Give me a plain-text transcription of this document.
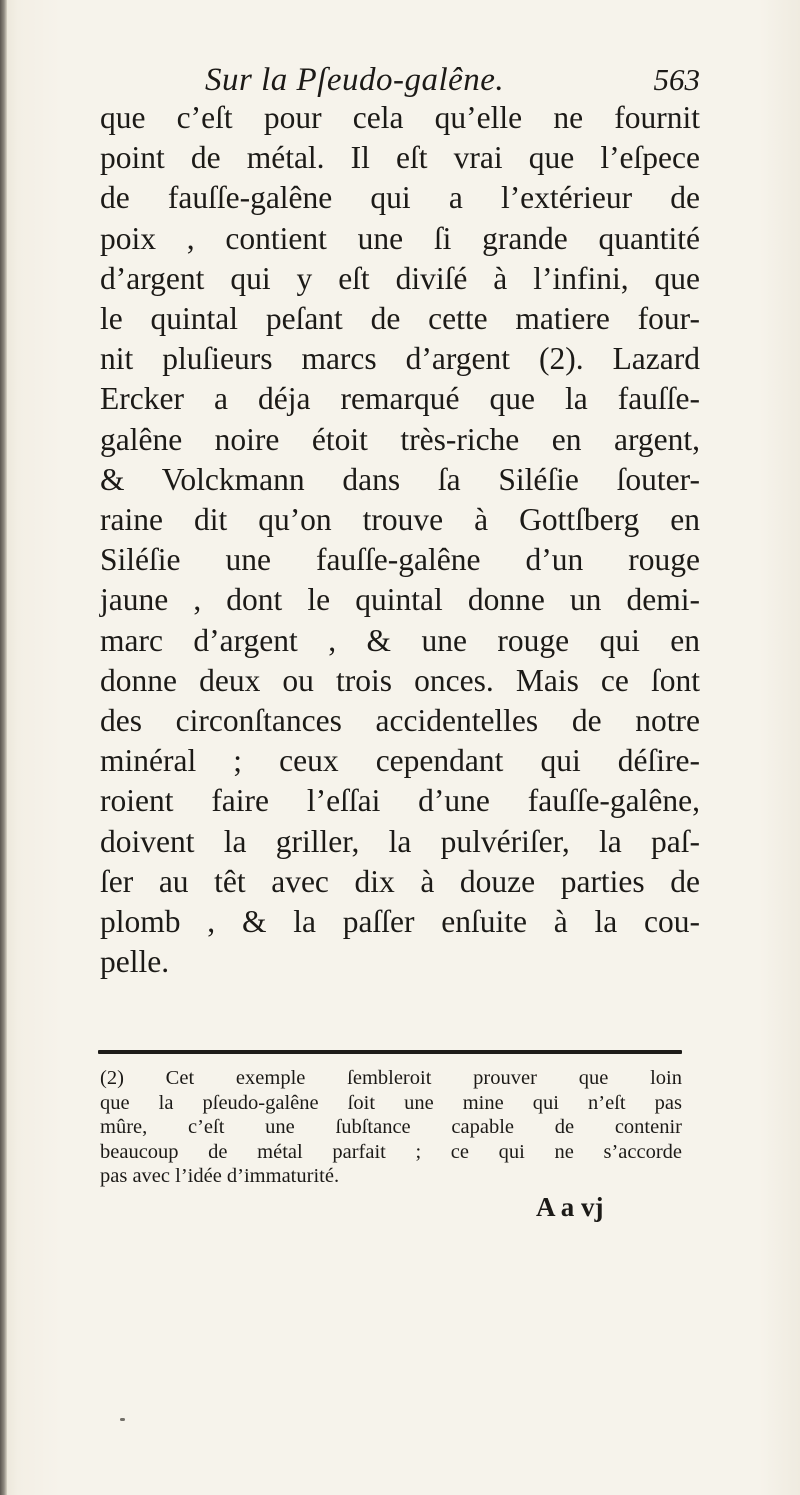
Sur la Pſeudo-galêne.	563
que c’eſt pour cela qu’elle ne fournit
point de métal. Il eſt vrai que l’eſpece
de fauſſe-galêne qui a l’extérieur de
poix , contient une ſi grande quantité
d’argent qui y eſt diviſé à l’infini, que
le quintal peſant de cette matiere four-
nit pluſieurs marcs d’argent (2). Lazard
Ercker a déja remarqué que la fauſſe-
galêne noire étoit très-riche en argent,
& Volckmann dans ſa Siléſie ſouter-
raine dit qu’on trouve à Gottſberg en
Siléſie une fauſſe-galêne d’un rouge
jaune , dont le quintal donne un demi-
marc d’argent , & une rouge qui en
donne deux ou trois onces. Mais ce ſont
des circonſtances accidentelles de notre
minéral ; ceux cependant qui déſire-
roient faire l’eſſai d’une fauſſe-galêne,
doivent la griller, la pulvériſer, la paſ-
ſer au têt avec dix à douze parties de
plomb , & la paſſer enſuite à la cou-
pelle.
(2) Cet exemple ſembleroit prouver que loin
que la pſeudo-galêne ſoit une mine qui n’eſt pas
mûre, c’eſt une ſubſtance capable de contenir
beaucoup de métal parfait ; ce qui ne s’accorde
pas avec l’idée d’immaturité.
A a vj
